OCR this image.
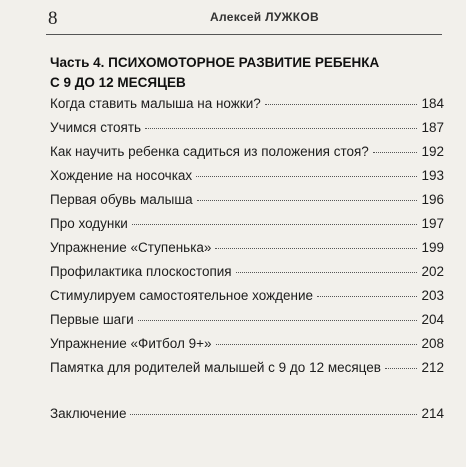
8	Алексей ЛУЖКОВ
Часть 4. ПСИХОМОТОРНОЕ РАЗВИТИЕ РЕБЕНКА
С 9 ДО 12 МЕСЯЦЕВ
Когда ставить малыша на ножки?	184
Учимся стоять	187
Как научить ребенка садиться из положения стоя?	192
Хождение на носочках	193
Первая обувь малыша	196
Про ходунки	197
Упражнение «Ступенька»	199
Профилактика плоскостопия	202
Стимулируем самостоятельное хождение	203
Первые шаги	204
Упражнение «Фитбол 9+»	208
Памятка для родителей малышей с 9 до 12 месяцев	212
Заключение	214
